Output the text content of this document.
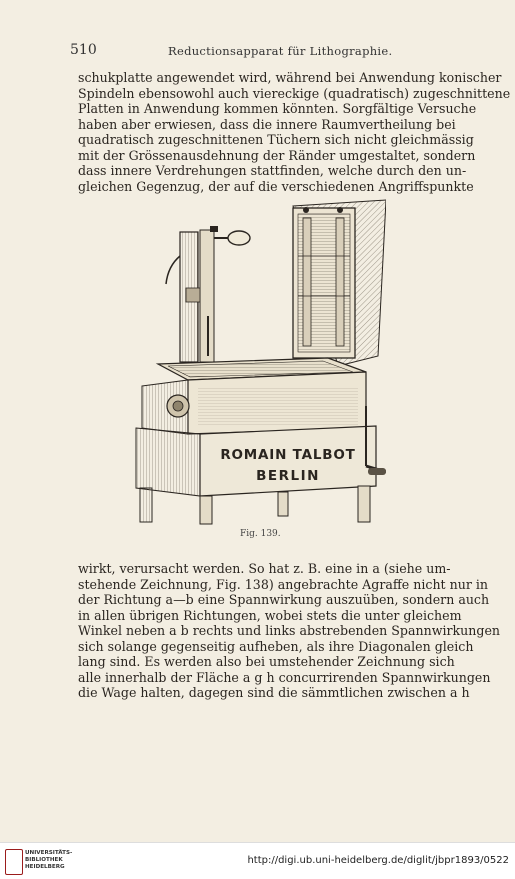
510	Reductionsapparat für Lithographie.
schukplatte angewendet wird, während bei Anwendung konischer
Spindeln ebensowohl auch viereckige (quadratisch) zugeschnittene
Platten in Anwendung kommen könnten. Sorgfältige Versuche
haben aber erwiesen, dass die innere Raumvertheilung bei
quadratisch zugeschnittenen Tüchern sich nicht gleichmässig
mit der Grössenausdehnung der Ränder umgestaltet, sondern
dass innere Verdrehungen stattfinden, welche durch den un-
gleichen Gegenzug, der auf die verschiedenen Angriffspunkte
ROMAIN TALBOT
BERLIN
Fig. 139.
wirkt, verursacht werden. So hat z. B. eine in a (siehe um-
stehende Zeichnung, Fig. 138) angebrachte Agraffe nicht nur in
der Richtung a—b eine Spannwirkung auszuüben, sondern auch
in allen übrigen Richtungen, wobei stets die unter gleichem
Winkel neben a b rechts und links abstrebenden Spannwirkungen
sich solange gegenseitig aufheben, als ihre Diagonalen gleich
lang sind. Es werden also bei umstehender Zeichnung sich
alle innerhalb der Fläche a g h concurrirenden Spannwirkungen
die Wage halten, dagegen sind die sämmtlichen zwischen a h
UNIVERSITÄTS-
BIBLIOTHEK
HEIDELBERG
http://digi.ub.uni-heidelberg.de/diglit/jbpr1893/0522
